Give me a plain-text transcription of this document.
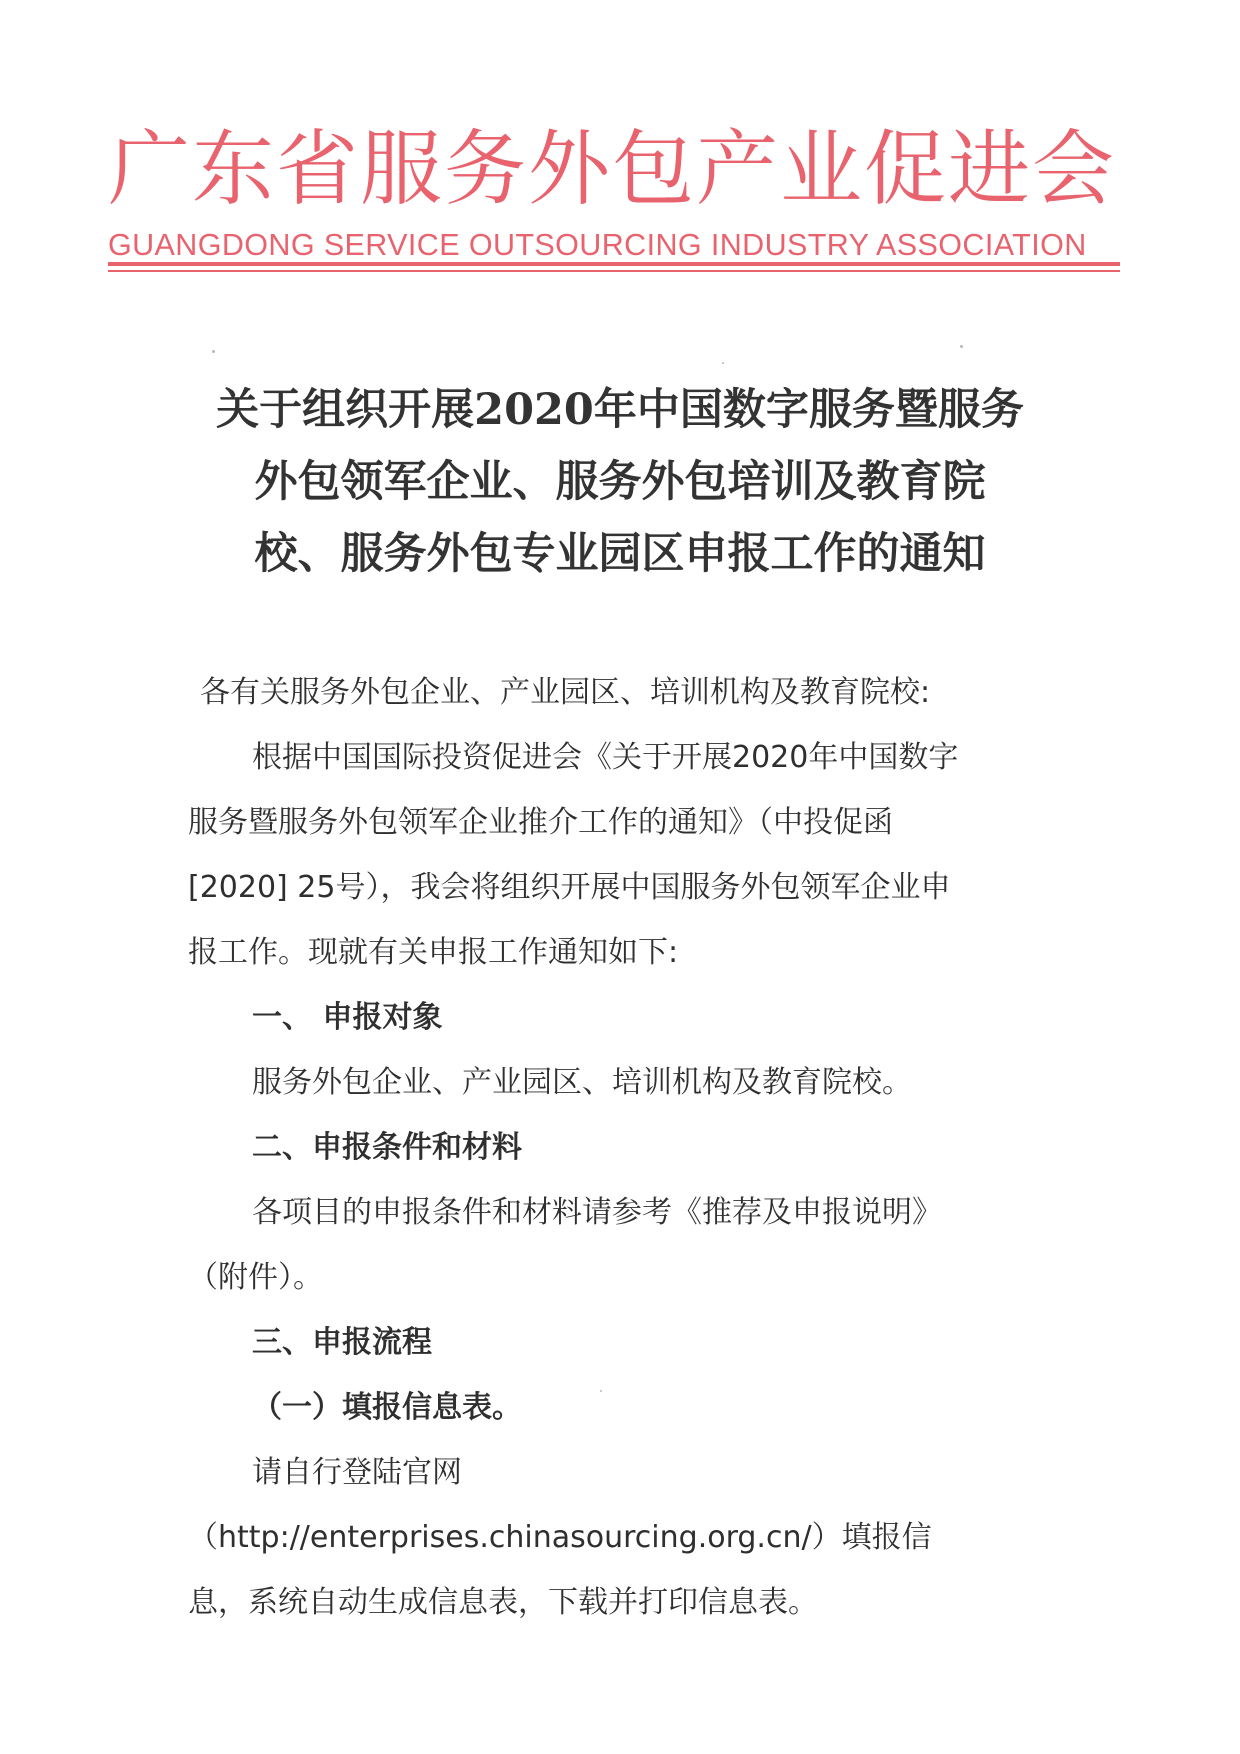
广东省服务外包产业促进会
GUANGDONG SERVICE OUTSOURCING INDUSTRY ASSOCIATION
关于组织开展2020年中国数字服务暨服务
外包领军企业、服务外包培训及教育院
校、服务外包专业园区申报工作的通知
各有关服务外包企业、产业园区、培训机构及教育院校:
根据中国国际投资促进会《关于开展2020年中国数字
服务暨服务外包领军企业推介工作的通知》（中投促函
[2020] 25号），我会将组织开展中国服务外包领军企业申
报工作。现就有关申报工作通知如下:
一、 申报对象
服务外包企业、产业园区、培训机构及教育院校。
二、申报条件和材料
各项目的申报条件和材料请参考《推荐及申报说明》
（附件）。
三、申报流程
（一）填报信息表。
请自行登陆官网
（http://enterprises.chinasourcing.org.cn/）填报信
息，系统自动生成信息表，下载并打印信息表。
